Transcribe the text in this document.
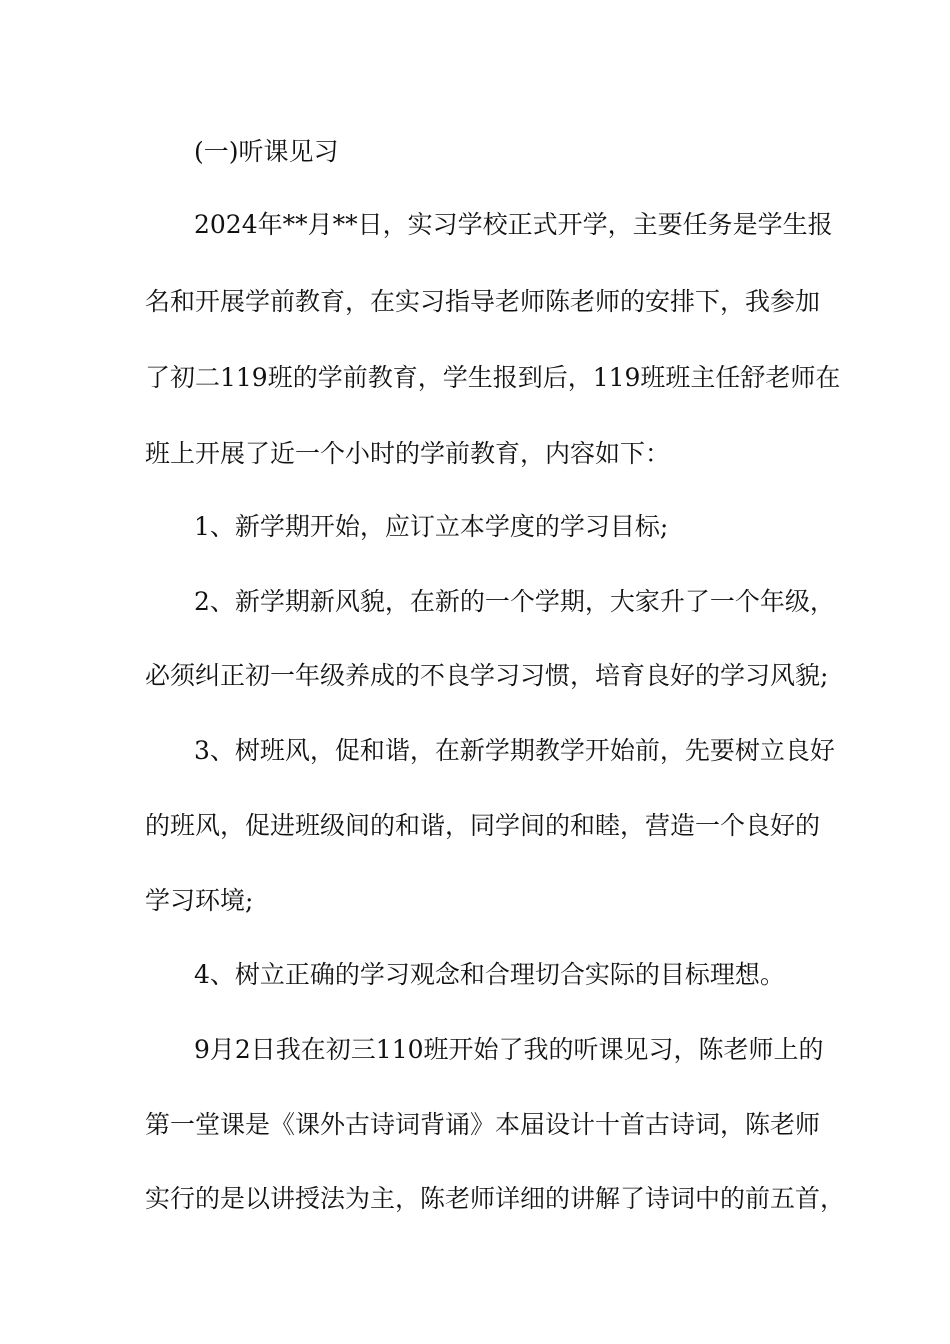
(一)听课见习
2024年**月**日，实习学校正式开学，主要任务是学生报
名和开展学前教育，在实习指导老师陈老师的安排下，我参加
了初二119班的学前教育，学生报到后，119班班主任舒老师在
班上开展了近一个小时的学前教育，内容如下：
1、新学期开始，应订立本学度的学习目标;
2、新学期新风貌，在新的一个学期，大家升了一个年级，
必须纠正初一年级养成的不良学习习惯，培育良好的学习风貌;
3、树班风，促和谐，在新学期教学开始前，先要树立良好
的班风，促进班级间的和谐，同学间的和睦，营造一个良好的
学习环境;
4、树立正确的学习观念和合理切合实际的目标理想。
9月2日我在初三110班开始了我的听课见习，陈老师上的
第一堂课是《课外古诗词背诵》本届设计十首古诗词，陈老师
实行的是以讲授法为主，陈老师详细的讲解了诗词中的前五首，
